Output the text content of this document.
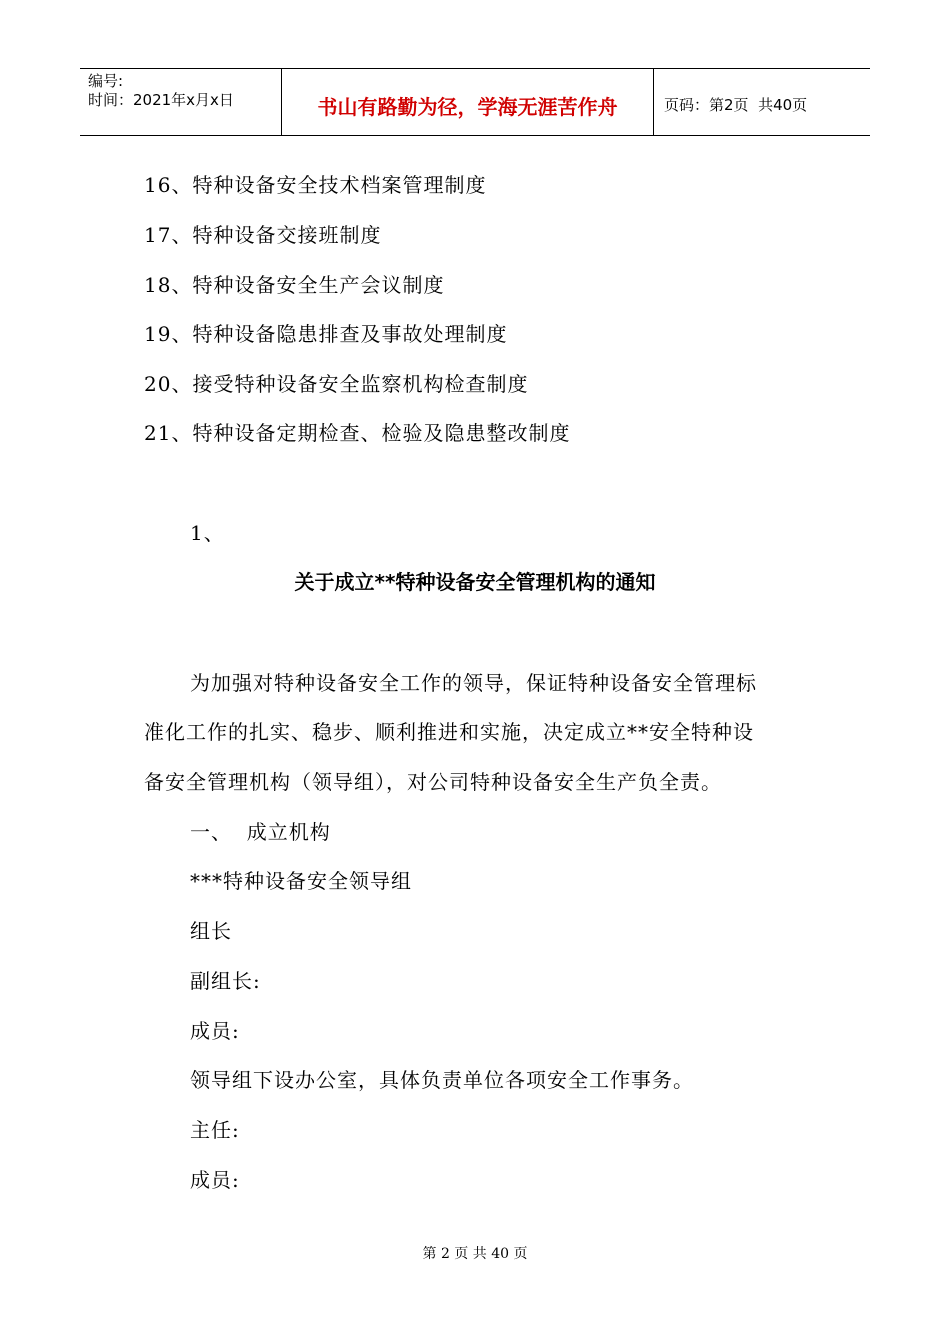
编号:
时间：2021年x月x日	书山有路勤为径，学海无涯苦作舟	页码：第2页  共40页
16、特种设备安全技术档案管理制度
17、特种设备交接班制度
18、特种设备安全生产会议制度
19、特种设备隐患排查及事故处理制度
20、接受特种设备安全监察机构检查制度
21、特种设备定期检查、检验及隐患整改制度
1、
关于成立**特种设备安全管理机构的通知
为加强对特种设备安全工作的领导，保证特种设备安全管理标
准化工作的扎实、稳步、顺利推进和实施，决定成立**安全特种设
备安全管理机构（领导组），对公司特种设备安全生产负全责。
一、  成立机构
***特种设备安全领导组
组长
副组长:
成员:
领导组下设办公室，具体负责单位各项安全工作事务。
主任:
成员:
第 2 页 共 40 页
